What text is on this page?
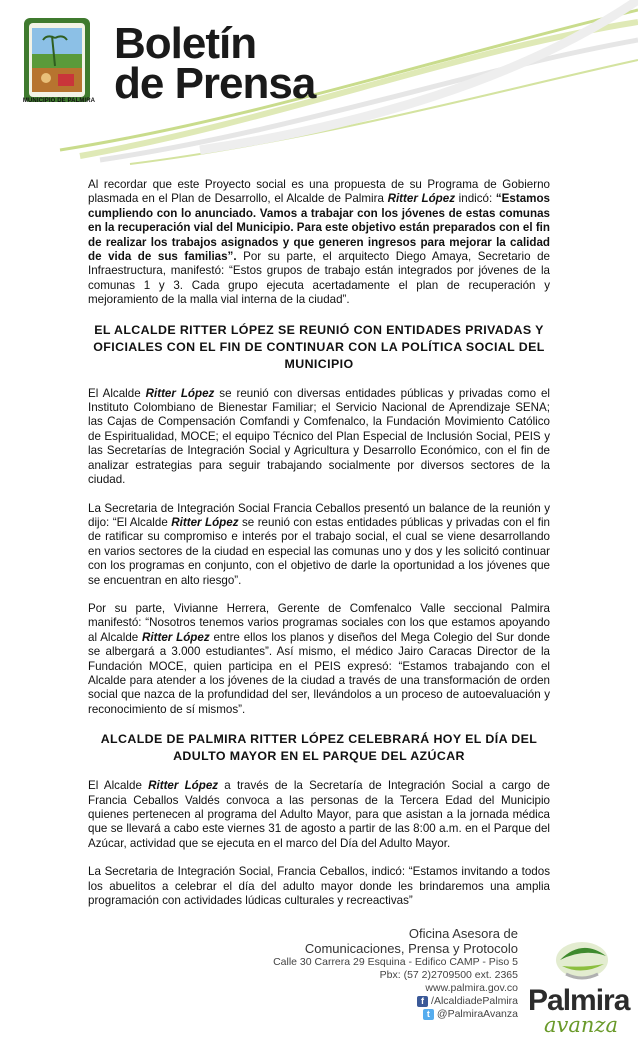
MUNICIPIO DE PALMIRA
Boletín
de Prensa

Al recordar que este Proyecto social es una propuesta de su Programa de Gobierno plasmada en el Plan de Desarrollo, el Alcalde de Palmira Ritter López indicó: “Estamos cumpliendo con lo anunciado. Vamos a trabajar con los jóvenes de estas comunas en la recuperación vial del Municipio. Para este objetivo están preparados con el fin de realizar los trabajos asignados y que generen ingresos para mejorar la calidad de vida de sus familias”. Por su parte, el arquitecto Diego Amaya, Secretario de Infraestructura, manifestó: “Estos grupos de trabajo están integrados por jóvenes de la comunas 1 y 3. Cada grupo ejecuta acertadamente el plan de recuperación y mejoramiento de la malla vial interna de la ciudad”.

EL ALCALDE RITTER LÓPEZ SE REUNIÓ CON ENTIDADES PRIVADAS Y OFICIALES CON EL FIN DE CONTINUAR CON LA POLÍTICA SOCIAL DEL MUNICIPIO

El Alcalde Ritter López se reunió con diversas entidades públicas y privadas como el Instituto Colombiano de Bienestar Familiar; el Servicio Nacional de Aprendizaje SENA; las Cajas de Compensación Comfandi y Comfenalco, la Fundación Movimiento Católico de Espiritualidad, MOCE; el equipo Técnico del Plan Especial de Inclusión Social, PEIS y las Secretarías de Integración Social y Agricultura y Desarrollo Económico, con el fin de analizar estrategias para seguir trabajando socialmente por diversos sectores de la ciudad.

La Secretaria de Integración Social Francia Ceballos presentó un balance de la reunión y dijo: “El Alcalde Ritter López se reunió con estas entidades públicas y privadas con el fin de ratificar su compromiso e interés por el trabajo social, el cual se viene desarrollando en varios sectores de la ciudad en especial las comunas uno y dos y les solicitó continuar con los programas en conjunto, con el objetivo de darle la oportunidad a los jóvenes que se encuentran en alto riesgo”.

Por su parte, Vivianne Herrera, Gerente de Comfenalco Valle seccional Palmira manifestó: “Nosotros tenemos varios programas sociales con los que estamos apoyando al Alcalde Ritter López entre ellos los planos y diseños del Mega Colegio del Sur donde se albergará a 3.000 estudiantes”. Así mismo, el médico Jairo Caracas Director de la Fundación MOCE, quien participa en el PEIS expresó: “Estamos trabajando con el Alcalde para atender a los jóvenes de la ciudad a través de una transformación de orden social que nazca de la profundidad del ser, llevándolos a un proceso de autoevaluación y reconocimiento de sí mismos”.

ALCALDE DE PALMIRA RITTER LÓPEZ CELEBRARÁ HOY EL DÍA DEL ADULTO MAYOR EN EL PARQUE DEL AZÚCAR

El Alcalde Ritter López a través de la Secretaría de Integración Social a cargo de Francia Ceballos Valdés convoca a las personas de la Tercera Edad del Municipio quienes pertenecen al programa del Adulto Mayor, para que asistan a la jornada médica que se llevará a cabo este viernes 31 de agosto a partir de las 8:00 a.m. en el Parque del Azúcar, actividad que se ejecuta en el marco del Día del Adulto Mayor.

La Secretaria de Integración Social, Francia Ceballos, indicó: “Estamos invitando a todos los abuelitos a celebrar el día del adulto mayor donde les brindaremos una amplia programación con actividades lúdicas culturales y recreactivas”

Oficina Asesora de
Comunicaciones, Prensa y Protocolo
Calle 30 Carrera 29 Esquina - Edifico CAMP - Piso 5
Pbx: (57 2)2709500 ext. 2365
www.palmira.gov.co
f /AlcaldiadePalmira
t @PalmiraAvanza Palmira
avanza
